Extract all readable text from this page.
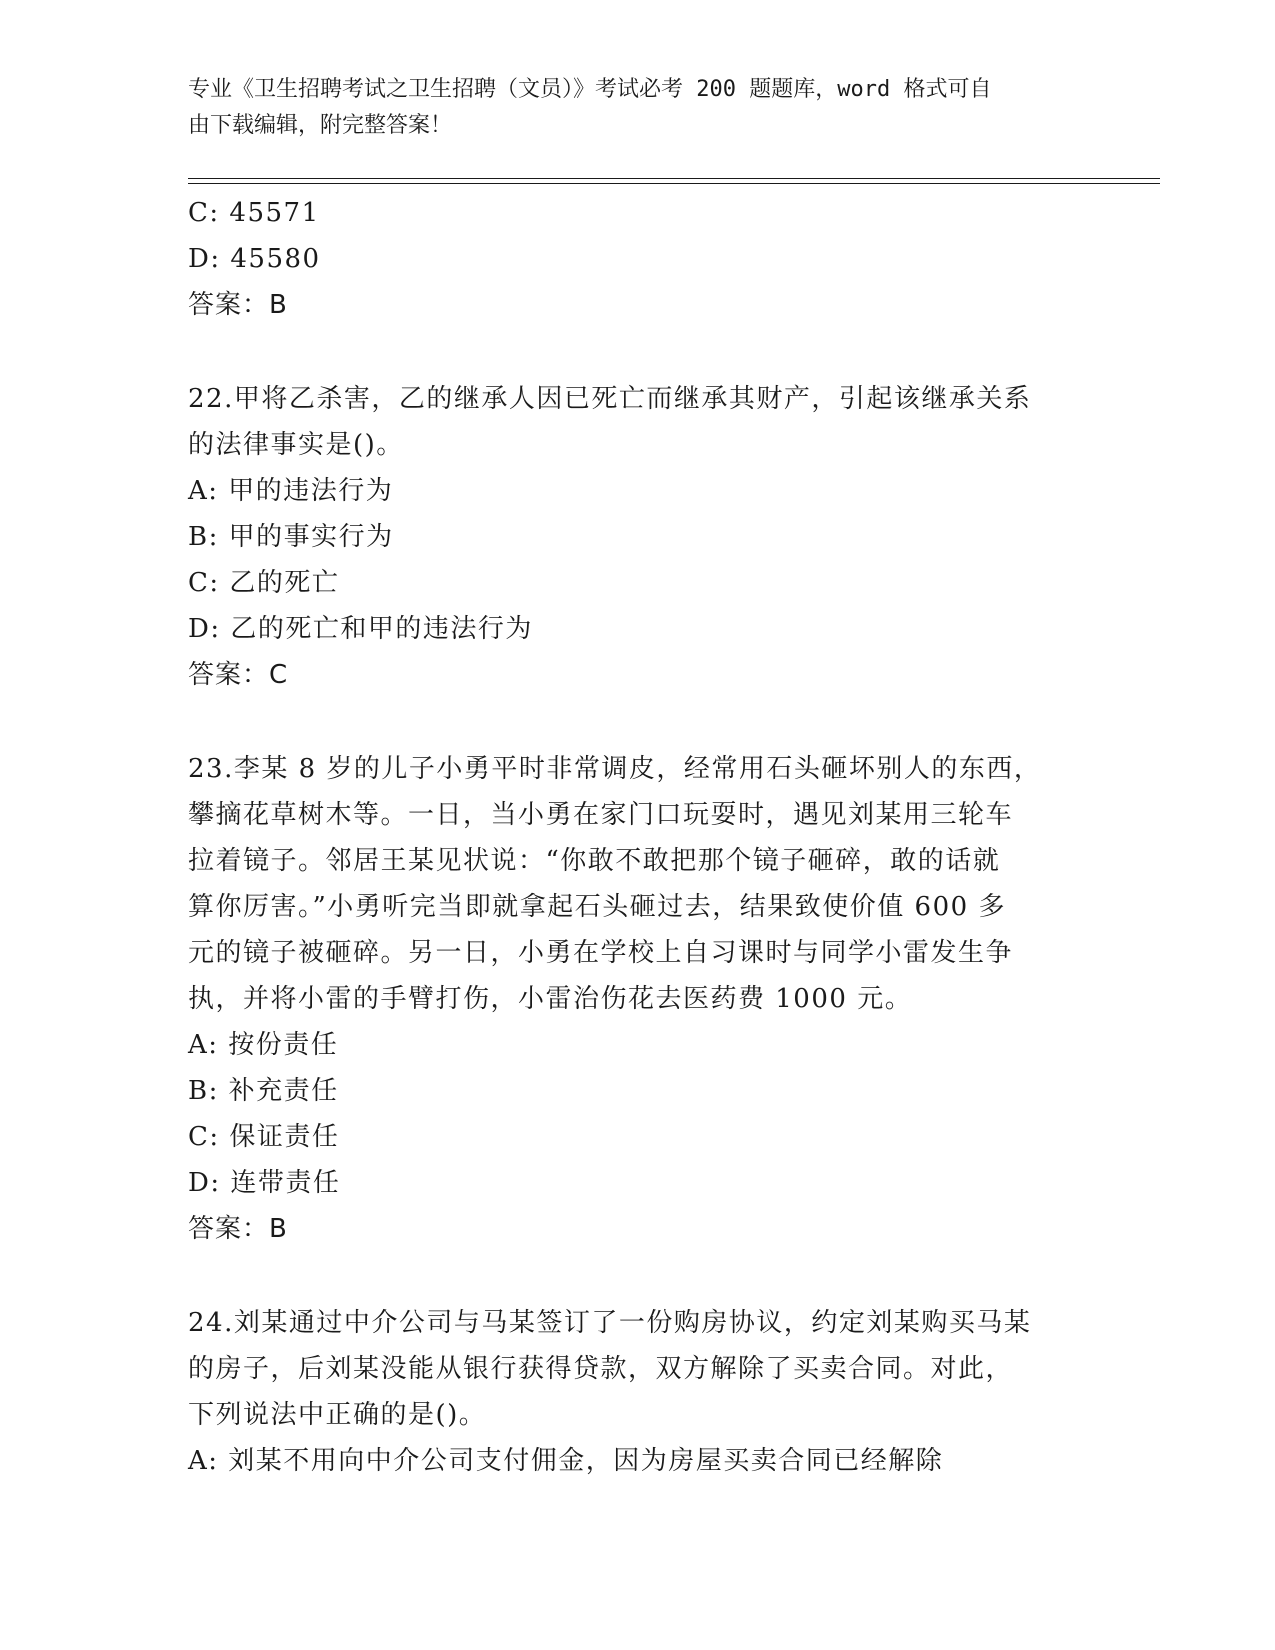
专业《卫生招聘考试之卫生招聘（文员）》考试必考 200 题题库，word 格式可自
由下载编辑，附完整答案！
C: 45571
D: 45580
答案：B
22.甲将乙杀害，乙的继承人因已死亡而继承其财产，引起该继承关系
的法律事实是()。
A: 甲的违法行为
B: 甲的事实行为
C: 乙的死亡
D: 乙的死亡和甲的违法行为
答案：C
23.李某 8 岁的儿子小勇平时非常调皮，经常用石头砸坏别人的东西，
攀摘花草树木等。一日，当小勇在家门口玩耍时，遇见刘某用三轮车
拉着镜子。邻居王某见状说：“你敢不敢把那个镜子砸碎，敢的话就
算你厉害。”小勇听完当即就拿起石头砸过去，结果致使价值 600 多
元的镜子被砸碎。另一日，小勇在学校上自习课时与同学小雷发生争
执，并将小雷的手臂打伤，小雷治伤花去医药费 1000 元。
A: 按份责任
B: 补充责任
C: 保证责任
D: 连带责任
答案：B
24.刘某通过中介公司与马某签订了一份购房协议，约定刘某购买马某
的房子，后刘某没能从银行获得贷款，双方解除了买卖合同。对此，
下列说法中正确的是()。
A: 刘某不用向中介公司支付佣金，因为房屋买卖合同已经解除
